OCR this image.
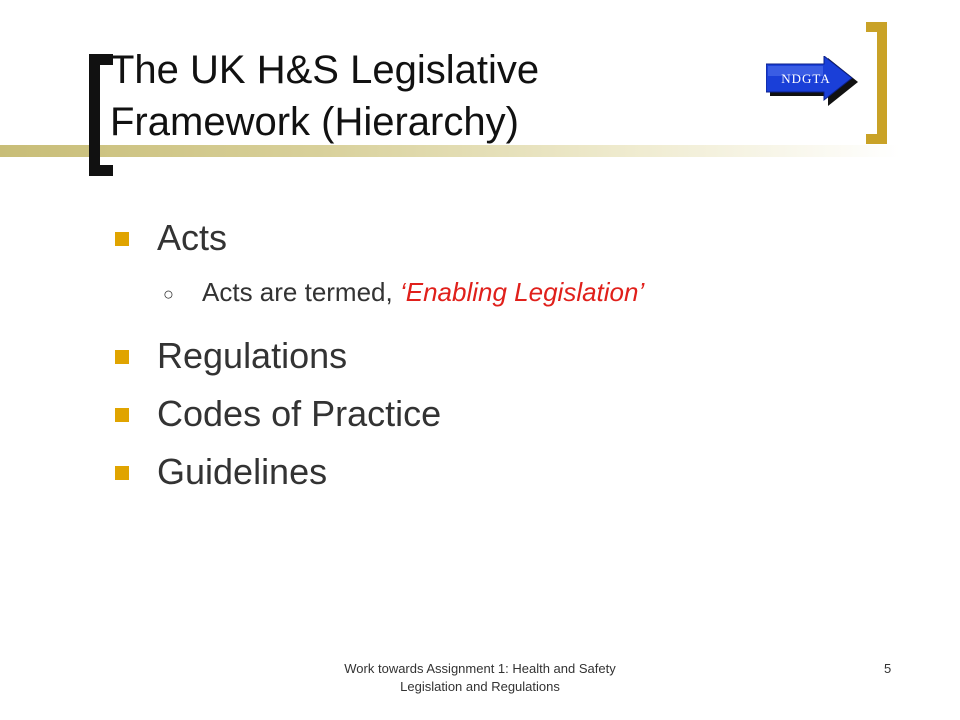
The UK H&S Legislative
Framework (Hierarchy)
NDGTA
Acts
○ Acts are termed, ‘Enabling Legislation’
Regulations
Codes of Practice
Guidelines
Work towards Assignment 1: Health and Safety
Legislation and Regulations
5
